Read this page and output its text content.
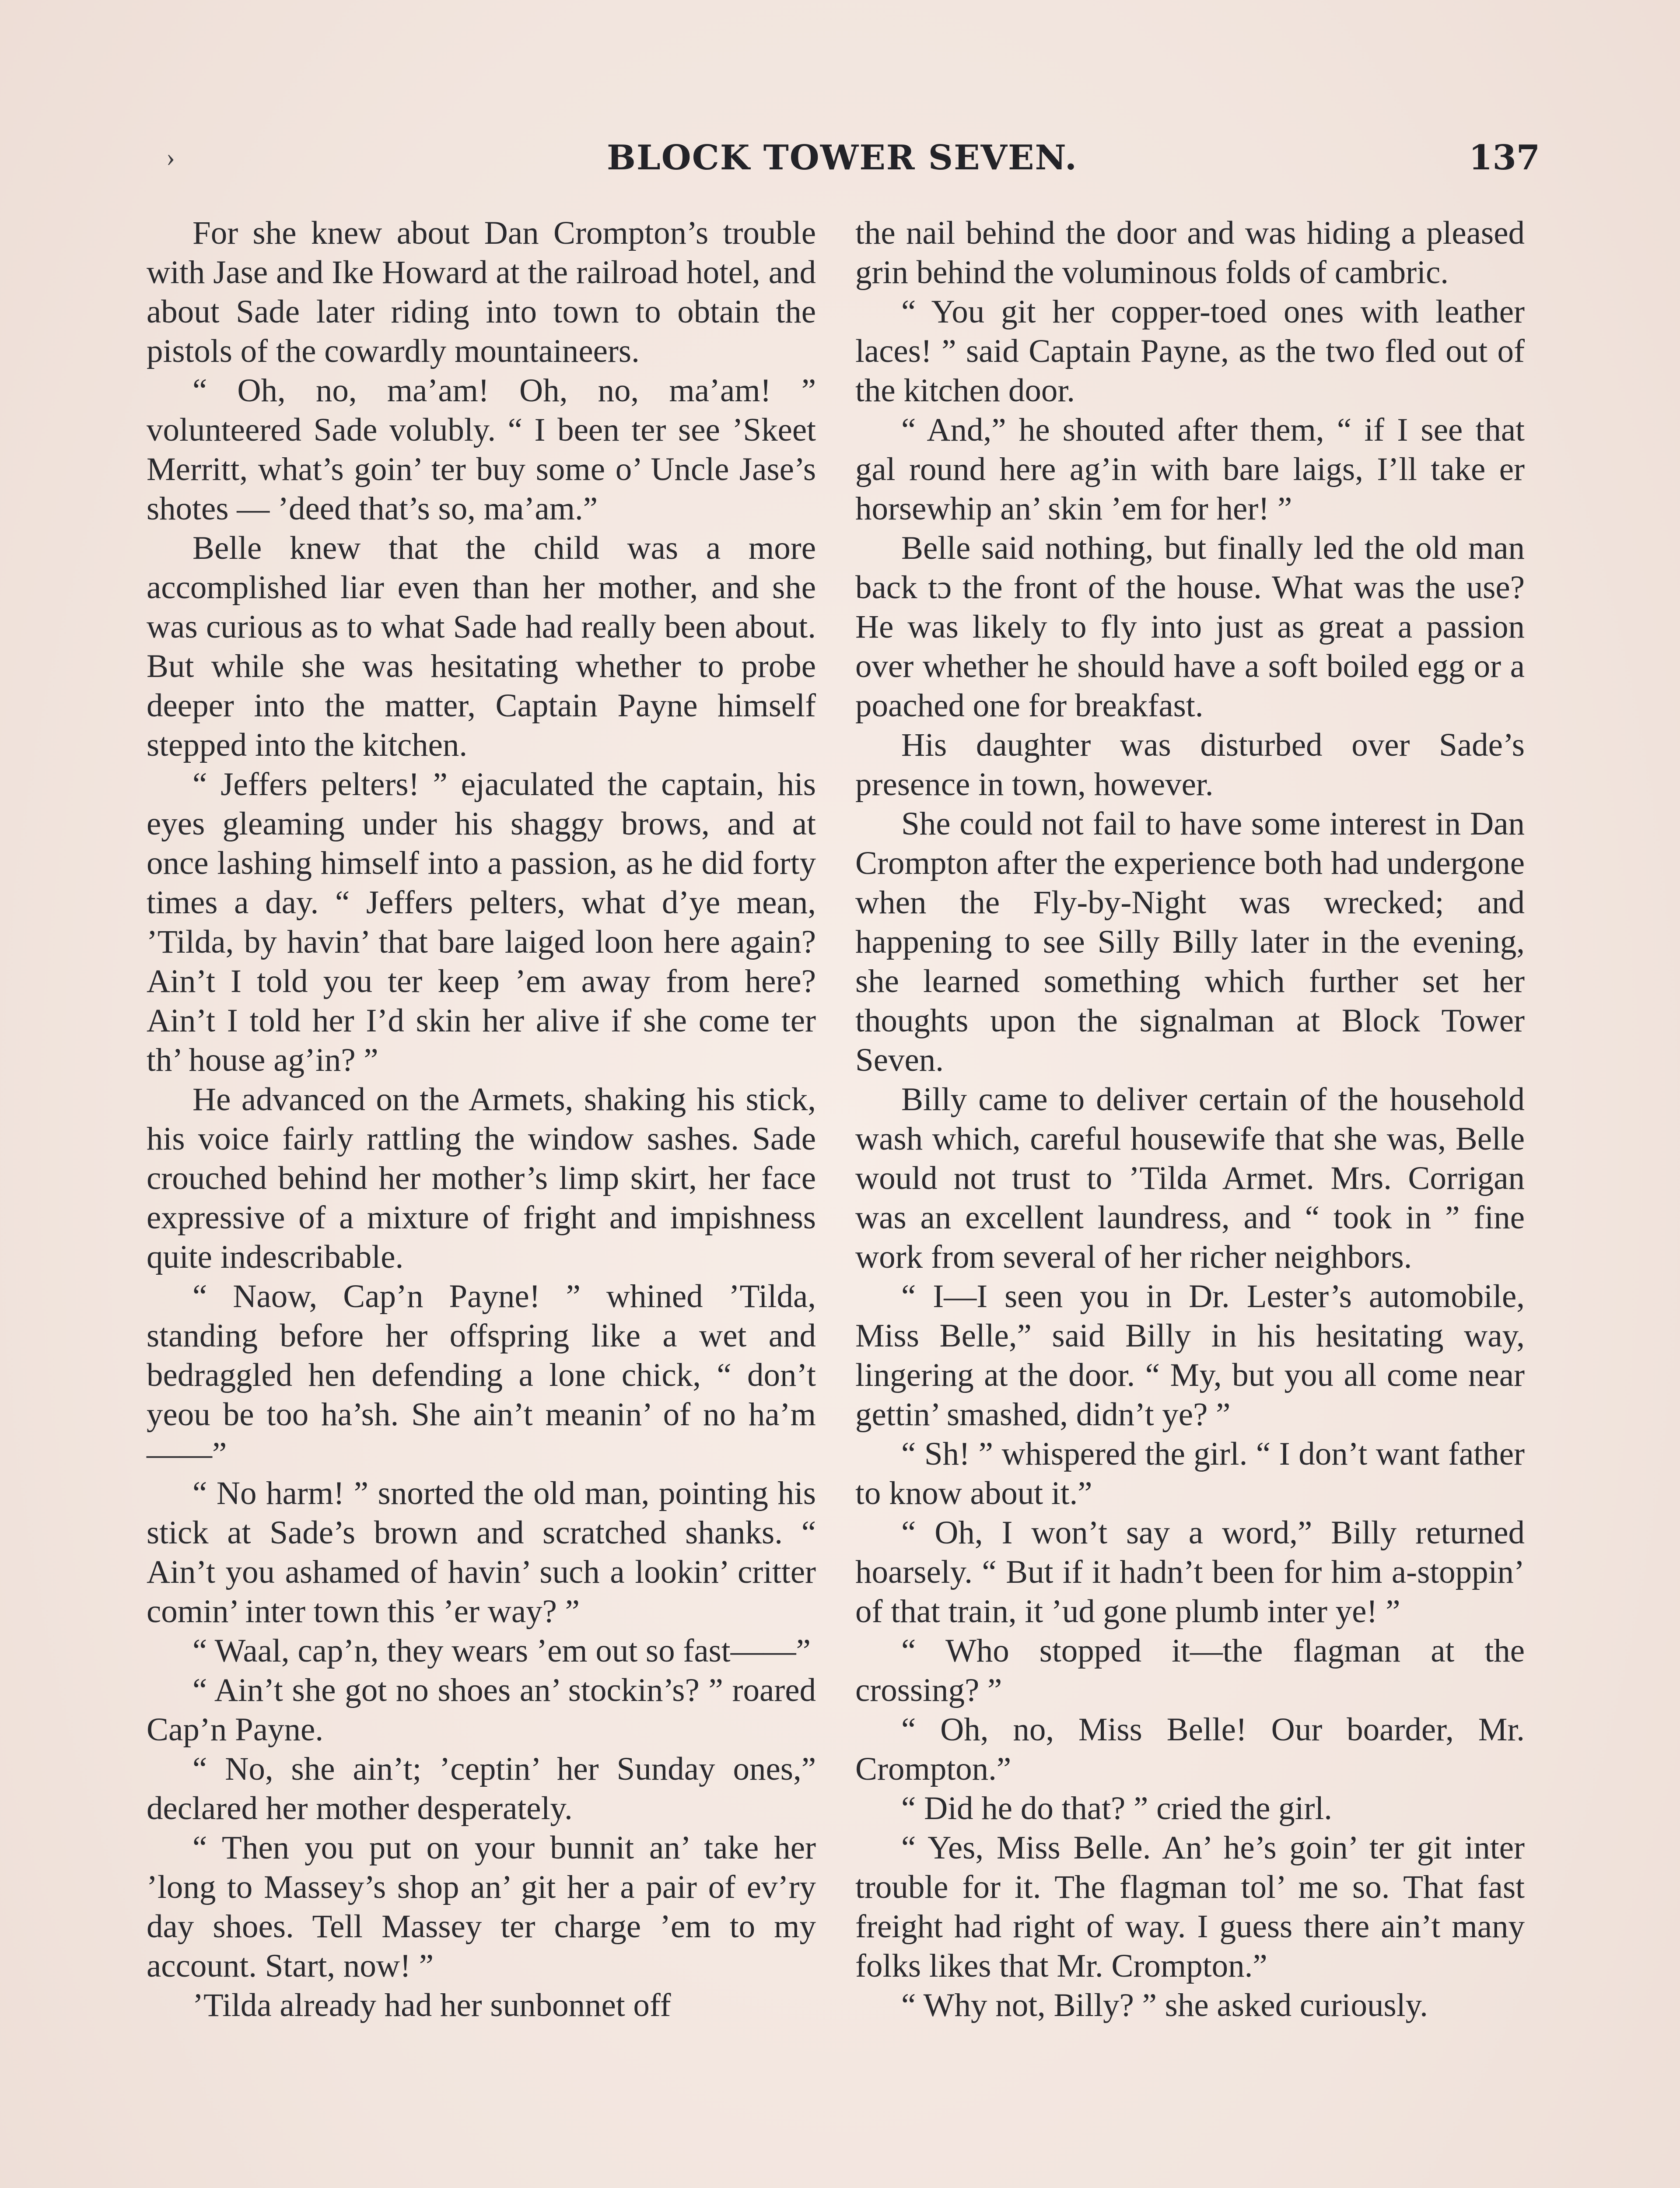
›	BLOCK TOWER SEVEN.	137

For she knew about Dan Crompton’s trouble with Jase and Ike Howard at the railroad hotel, and about Sade later riding into town to obtain the pistols of the cowardly mountaineers.

“ Oh, no, ma’am! Oh, no, ma’am! ” volunteered Sade volubly. “ I been ter see ’Skeet Merritt, what’s goin’ ter buy some o’ Uncle Jase’s shotes — ’deed that’s so, ma’am.”

Belle knew that the child was a more accomplished liar even than her mother, and she was curious as to what Sade had really been about. But while she was hesitating whether to probe deeper into the matter, Captain Payne himself stepped into the kitchen.

“ Jeffers pelters! ” ejaculated the captain, his eyes gleaming under his shaggy brows, and at once lashing himself into a passion, as he did forty times a day. “ Jeffers pelters, what d’ye mean, ’Tilda, by havin’ that bare laiged loon here again? Ain’t I told you ter keep ’em away from here? Ain’t I told her I’d skin her alive if she come ter th’ house ag’in? ”

He advanced on the Armets, shaking his stick, his voice fairly rattling the window sashes. Sade crouched behind her mother’s limp skirt, her face expressive of a mixture of fright and impishness quite indescribable.

“ Naow, Cap’n Payne! ” whined ’Tilda, standing before her offspring like a wet and bedraggled hen defending a lone chick, “ don’t yeou be too ha’sh. She ain’t meanin’ of no ha’m——”

“ No harm! ” snorted the old man, pointing his stick at Sade’s brown and scratched shanks. “ Ain’t you ashamed of havin’ such a lookin’ critter comin’ inter town this ’er way? ”

“ Waal, cap’n, they wears ’em out so fast——”

“ Ain’t she got no shoes an’ stockin’s? ” roared Cap’n Payne.

“ No, she ain’t; ’ceptin’ her Sunday ones,” declared her mother desperately.

“ Then you put on your bunnit an’ take her ’long to Massey’s shop an’ git her a pair of ev’ry day shoes. Tell Massey ter charge ’em to my account. Start, now! ”

’Tilda already had her sunbonnet off

the nail behind the door and was hiding a pleased grin behind the voluminous folds of cambric.

“ You git her copper-toed ones with leather laces! ” said Captain Payne, as the two fled out of the kitchen door.

“ And,” he shouted after them, “ if I see that gal round here ag’in with bare laigs, I’ll take er horsewhip an’ skin ’em for her! ”

Belle said nothing, but finally led the old man back tɔ the front of the house. What was the use? He was likely to fly into just as great a passion over whether he should have a soft boiled egg or a poached one for breakfast.

His daughter was disturbed over Sade’s presence in town, however.

She could not fail to have some interest in Dan Crompton after the experience both had undergone when the Fly-by-Night was wrecked; and happening to see Silly Billy later in the evening, she learned something which further set her thoughts upon the signalman at Block Tower Seven.

Billy came to deliver certain of the household wash which, careful housewife that she was, Belle would not trust to ’Tilda Armet. Mrs. Corrigan was an excellent laundress, and “ took in ” fine work from several of her richer neighbors.

“ I—I seen you in Dr. Lester’s automobile, Miss Belle,” said Billy in his hesitating way, lingering at the door. “ My, but you all come near gettin’ smashed, didn’t ye? ”

“ Sh! ” whispered the girl. “ I don’t want father to know about it.”

“ Oh, I won’t say a word,” Billy returned hoarsely. “ But if it hadn’t been for him a-stoppin’ of that train, it ’ud gone plumb inter ye! ”

“ Who stopped it—the flagman at the crossing? ”

“ Oh, no, Miss Belle! Our boarder, Mr. Crompton.”

“ Did he do that? ” cried the girl.

“ Yes, Miss Belle. An’ he’s goin’ ter git inter trouble for it. The flagman tol’ me so. That fast freight had right of way. I guess there ain’t many folks likes that Mr. Crompton.”

“ Why not, Billy? ” she asked curiously.
